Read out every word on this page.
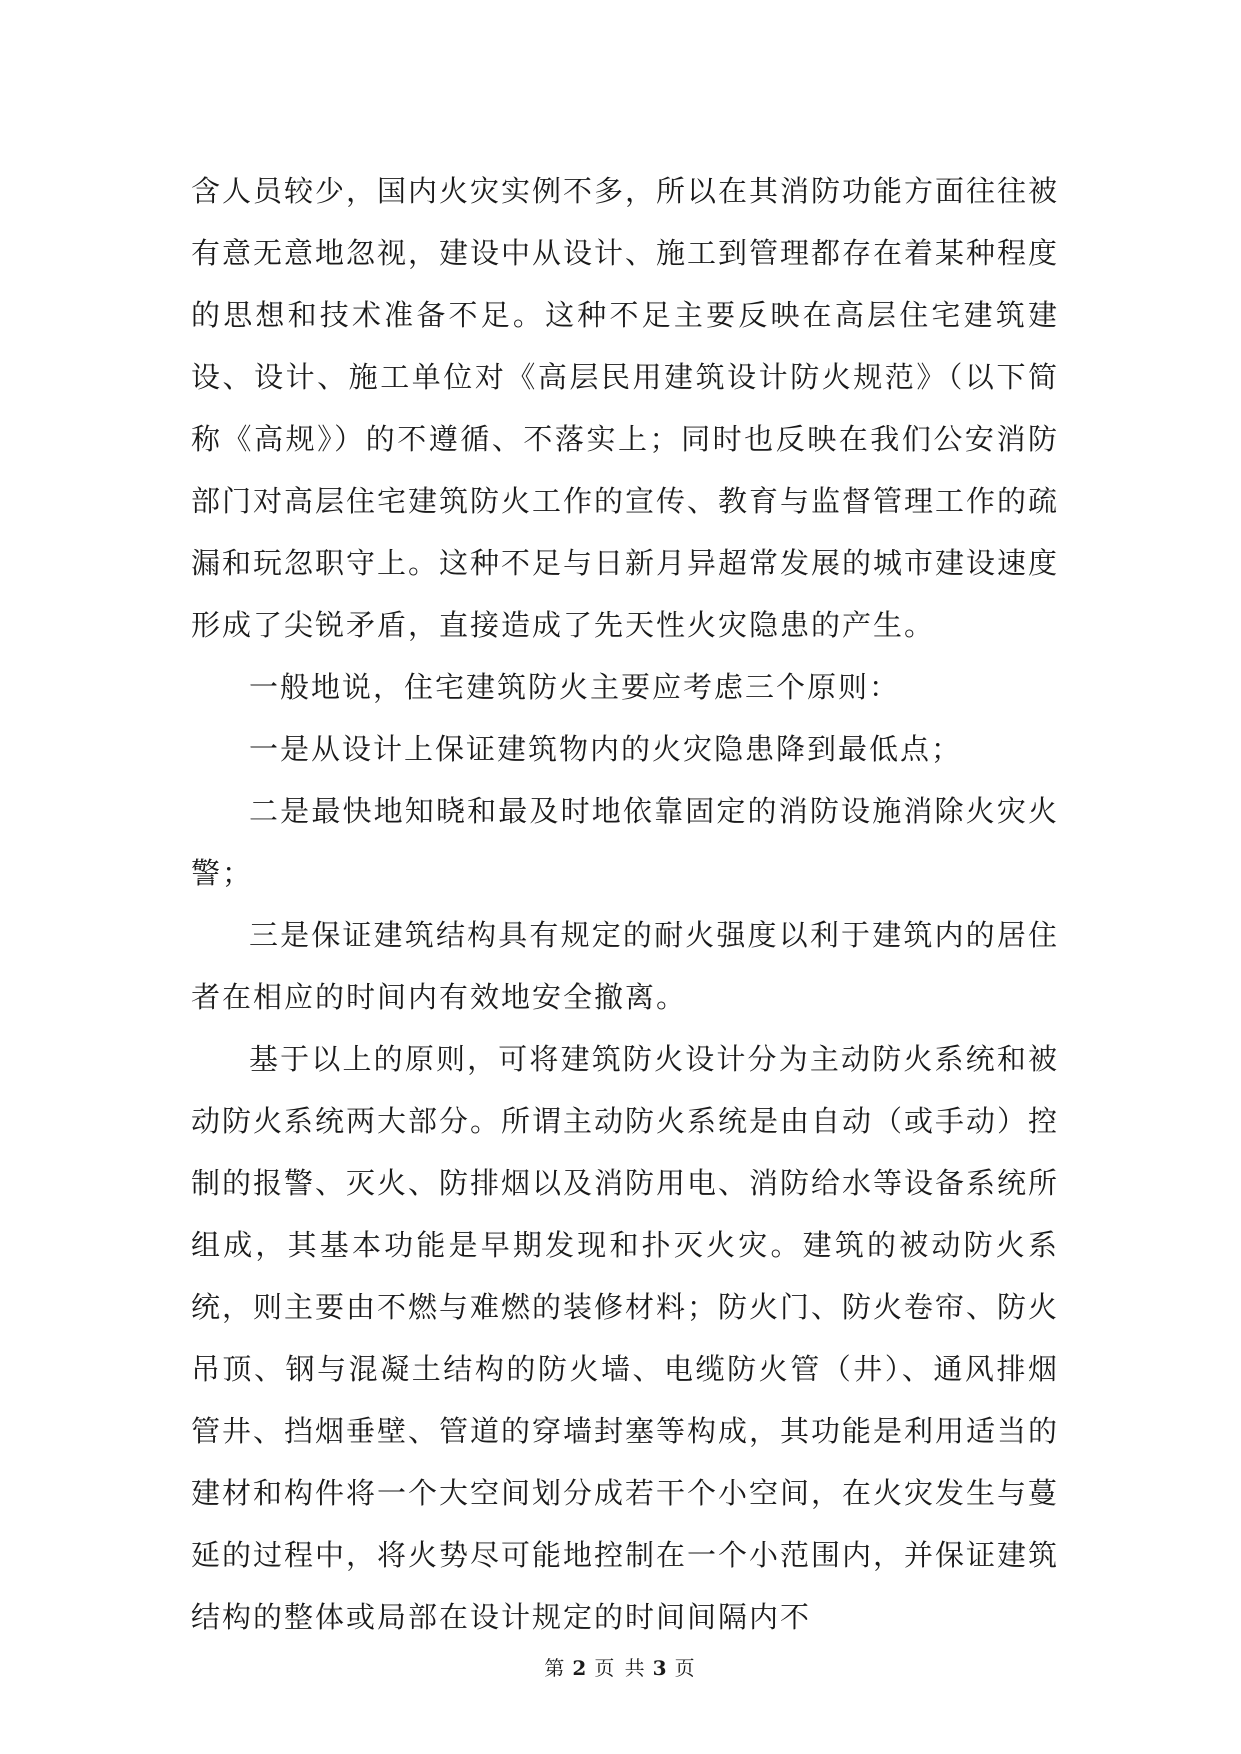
含人员较少，国内火灾实例不多，所以在其消防功能方面往往被有意无意地忽视，建设中从设计、施工到管理都存在着某种程度的思想和技术准备不足。这种不足主要反映在高层住宅建筑建设、设计、施工单位对《高层民用建筑设计防火规范》（以下简称《高规》）的不遵循、不落实上；同时也反映在我们公安消防部门对高层住宅建筑防火工作的宣传、教育与监督管理工作的疏漏和玩忽职守上。这种不足与日新月异超常发展的城市建设速度形成了尖锐矛盾，直接造成了先天性火灾隐患的产生。

一般地说，住宅建筑防火主要应考虑三个原则：

一是从设计上保证建筑物内的火灾隐患降到最低点；

二是最快地知晓和最及时地依靠固定的消防设施消除火灾火警；

三是保证建筑结构具有规定的耐火强度以利于建筑内的居住者在相应的时间内有效地安全撤离。

基于以上的原则，可将建筑防火设计分为主动防火系统和被动防火系统两大部分。所谓主动防火系统是由自动（或手动）控制的报警、灭火、防排烟以及消防用电、消防给水等设备系统所组成，其基本功能是早期发现和扑灭火灾。建筑的被动防火系统，则主要由不燃与难燃的装修材料；防火门、防火卷帘、防火吊顶、钢与混凝土结构的防火墙、电缆防火管（井）、通风排烟管井、挡烟垂壁、管道的穿墙封塞等构成，其功能是利用适当的建材和构件将一个大空间划分成若干个小空间，在火灾发生与蔓延的过程中，将火势尽可能地控制在一个小范围内，并保证建筑结构的整体或局部在设计规定的时间间隔内不

第 2 页 共 3 页
